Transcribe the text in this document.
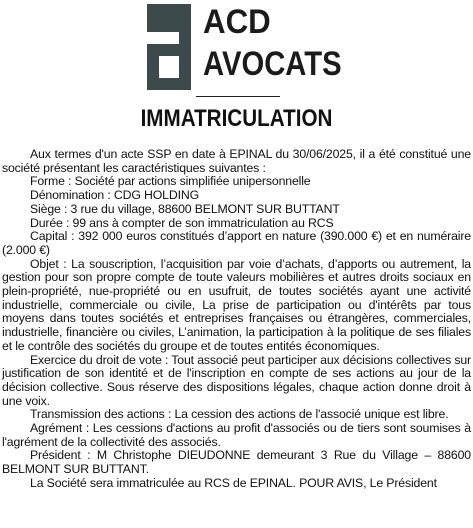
ACD
AVOCATS
IMMATRICULATION

Aux termes d'un acte SSP en date à EPINAL du 30/06/2025, il a été constitué une société présentant les caractéristiques suivantes :

Forme : Société par actions simplifiée unipersonnelle

Dénomination : CDG HOLDING

Siège : 3 rue du village, 88600 BELMONT SUR BUTTANT

Durée : 99 ans à compter de son immatriculation au RCS

Capital : 392 000 euros constitués d’apport en nature (390.000 €) et en numéraire (2.000 €)

Objet : La souscription, l’acquisition par voie d’achats, d’apports ou autrement, la gestion pour son propre compte de toute valeurs mobilières et autres droits sociaux en plein-propriété, nue-propriété ou en usufruit, de toutes sociétés ayant une activité industrielle, commerciale ou civile, La prise de participation ou d'intérêts par tous moyens dans toutes sociétés et entreprises françaises ou étrangères, commerciales, industrielle, financière ou civiles, L’animation, la participation à la politique de ses filiales et le contrôle des sociétés du groupe et de toutes entités économiques.

Exercice du droit de vote : Tout associé peut participer aux décisions collectives sur justification de son identité et de l'inscription en compte de ses actions au jour de la décision collective. Sous réserve des dispositions légales, chaque action donne droit à une voix.

Transmission des actions : La cession des actions de l'associé unique est libre.

Agrément : Les cessions d'actions au profit d'associés ou de tiers sont soumises à l'agrément de la collectivité des associés.

Président : M Christophe DIEUDONNE demeurant 3 Rue du Village – 88600 BELMONT SUR BUTTANT.

La Société sera immatriculée au RCS de EPINAL. POUR AVIS, Le Président
